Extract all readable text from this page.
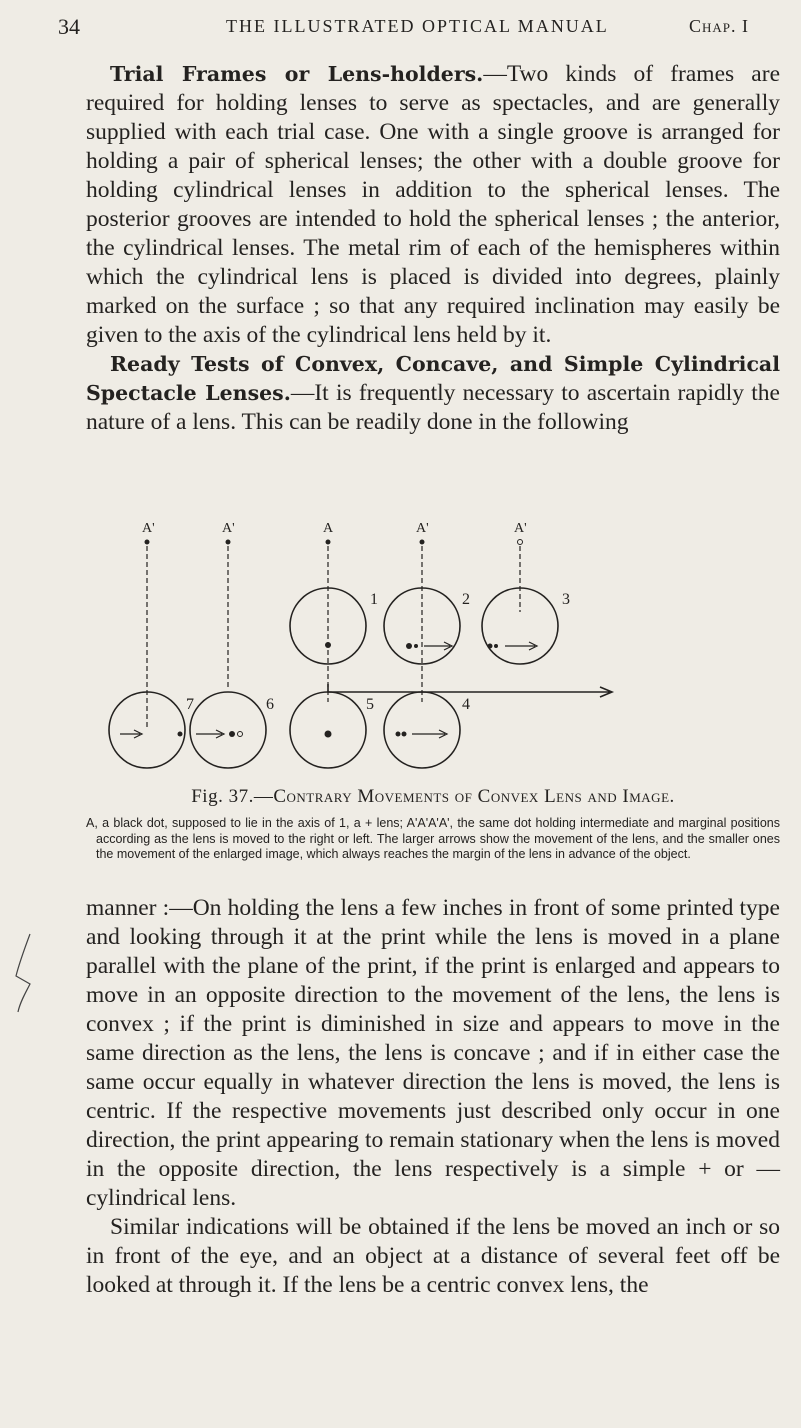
34	THE ILLUSTRATED OPTICAL MANUAL	Chap. I

Trial Frames or Lens-holders.—Two kinds of frames are required for holding lenses to serve as spectacles, and are generally supplied with each trial case. One with a single groove is arranged for holding a pair of spherical lenses; the other with a double groove for holding cylindrical lenses in addition to the spherical lenses. The posterior grooves are intended to hold the spherical lenses ; the anterior, the cylindrical lenses. The metal rim of each of the hemispheres within which the cylindrical lens is placed is divided into degrees, plainly marked on the surface ; so that any required inclination may easily be given to the axis of the cylindrical lens held by it.

Ready Tests of Convex, Concave, and Simple Cylindrical Spectacle Lenses.—It is frequently necessary to ascertain rapidly the nature of a lens. This can be readily done in the following

A'	A'	A	A'	A'
1	2	3
4
5
6
7
Fig. 37.—Contrary Movements of Convex Lens and Image.
A, a black dot, supposed to lie in the axis of 1, a + lens; A'A'A'A', the same dot holding intermediate and marginal positions according as the lens is moved to the right or left. The larger arrows show the movement of the lens, and the smaller ones the movement of the enlarged image, which always reaches the margin of the lens in advance of the object.

manner :—On holding the lens a few inches in front of some printed type and looking through it at the print while the lens is moved in a plane parallel with the plane of the print, if the print is enlarged and appears to move in an opposite direction to the movement of the lens, the lens is convex ; if the print is diminished in size and appears to move in the same direction as the lens, the lens is concave ; and if in either case the same occur equally in whatever direction the lens is moved, the lens is centric. If the respective movements just described only occur in one direction, the print appearing to remain stationary when the lens is moved in the opposite direction, the lens respectively is a simple + or — cylindrical lens.

Similar indications will be obtained if the lens be moved an inch or so in front of the eye, and an object at a distance of several feet off be looked at through it. If the lens be a centric convex lens, the
